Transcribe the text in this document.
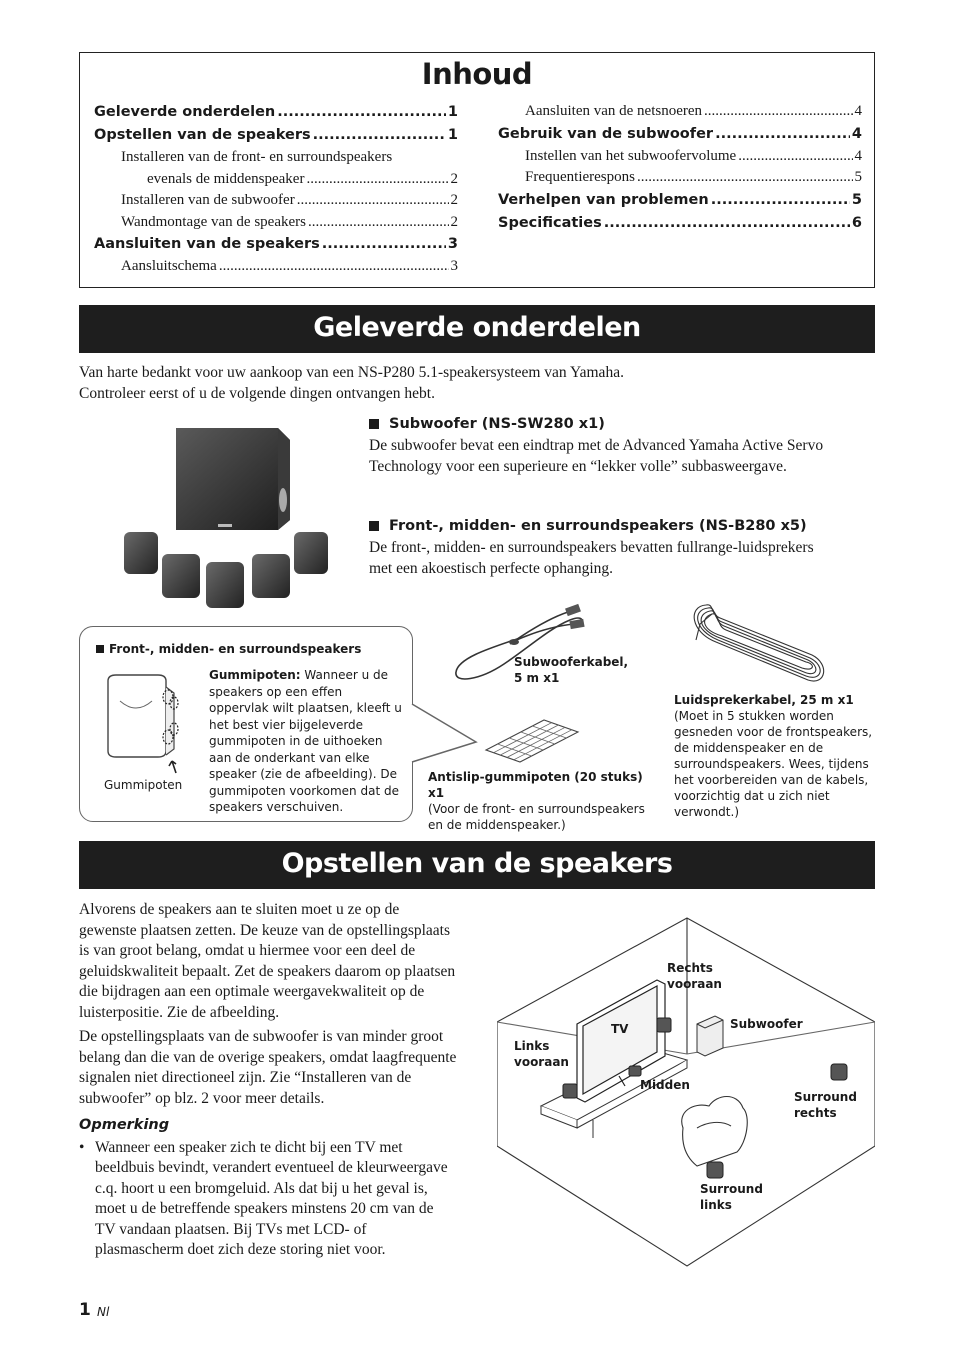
Inhoud
Geleverde onderdelen .....	1
Opstellen van de speakers .....	1
Installeren van de front- en surroundspeakers
evenals de middenspeaker .....	2
Installeren van de subwoofer .....	2
Wandmontage van de speakers .....	2
Aansluiten van de speakers .....	3
Aansluitschema .....	3
Aansluiten van de netsnoeren .....	4
Gebruik van de subwoofer .....	4
Instellen van het subwoofervolume .....	4
Frequentierespons .....	5
Verhelpen van problemen .....	5
Specificaties .....	6
Geleverde onderdelen
Van harte bedankt voor uw aankoop van een NS-P280 5.1-speakersysteem van Yamaha.
Controleer eerst of u de volgende dingen ontvangen hebt.
Subwoofer (NS-SW280 x1)
De subwoofer bevat een eindtrap met de Advanced Yamaha Active Servo Technology voor een superieure en “lekker volle” subbasweergave.
Front-, midden- en surroundspeakers (NS-B280 x5)
De front-, midden- en surroundspeakers bevatten fullrange-luidsprekers met een akoestisch perfecte ophanging.
Front-, midden- en surroundspeakers
Gummipoten
Gummipoten: Wanneer u de speakers op een effen oppervlak wilt plaatsen, kleeft u het best vier bijgeleverde gummipoten in de uithoeken aan de onderkant van elke speaker (zie de afbeelding). De gummipoten voorkomen dat de speakers verschuiven.
Subwooferkabel,
5 m x1
Antislip-gummipoten (20 stuks) x1
(Voor de front- en surroundspeakers en de middenspeaker.)
Luidsprekerkabel, 25 m x1
(Moet in 5 stukken worden gesneden voor de frontspeakers, de middenspeaker en de surroundspeakers. Wees, tijdens het voorbereiden van de kabels, voorzichtig dat u zich niet verwondt.)
Opstellen van de speakers

Alvorens de speakers aan te sluiten moet u ze op de gewenste plaatsen zetten. De keuze van de opstellingsplaats is van groot belang, omdat u hiermee voor een deel de geluidskwaliteit bepaalt. Zet de speakers daarom op plaatsen die bijdragen aan een optimale weergavekwaliteit op de luisterpositie. Zie de afbeelding.

De opstellingsplaats van de subwoofer is van minder groot belang dan die van de overige speakers, omdat laagfrequente signalen niet directioneel zijn. Zie “Installeren van de subwoofer” op blz. 2 voor meer details.

Opmerking
• Wanneer een speaker zich te dicht bij een TV met beeldbuis bevindt, verandert eventueel de kleurweergave c.q. hoort u een bromgeluid. Als dat bij u het geval is, moet u de betreffende speakers minstens 20 cm van de TV vandaan plaatsen. Bij TVs met LCD- of plasmascherm doet zich deze storing niet voor.
Rechts
vooraan
TV	Subwoofer
Links
vooraan
Midden
Surround
rechts
Surround
links
1 Nl
